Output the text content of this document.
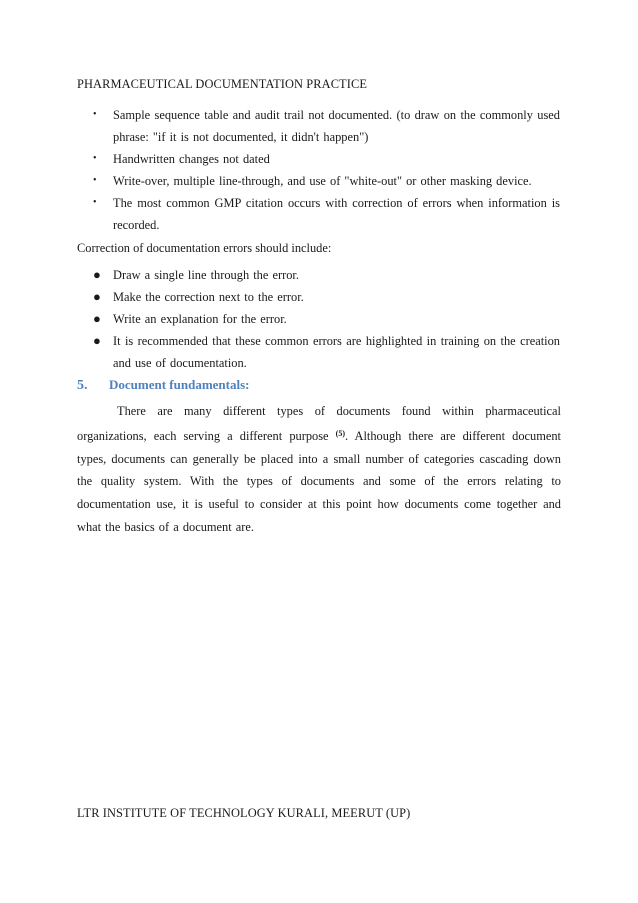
PHARMACEUTICAL DOCUMENTATION PRACTICE
• Sample sequence table and audit trail not documented. (to draw on the commonly used phrase: "if it is not documented, it didn't happen")
• Handwritten changes not dated
• Write-over, multiple line-through, and use of "white-out" or other masking device.
• The most common GMP citation occurs with correction of errors when information is recorded.
Correction of documentation errors should include:
● Draw a single line through the error.
● Make the correction next to the error.
● Write an explanation for the error.
● It is recommended that these common errors are highlighted in training on the creation and use of documentation.
5. Document fundamentals:

There are many different types of documents found within pharmaceutical organizations, each serving a different purpose $^{(5)}$. Although there are different document types, documents can generally be placed into a small number of categories cascading down the quality system. With the types of documents and some of the errors relating to documentation use, it is useful to consider at this point how documents come together and what the basics of a document are.

LTR INSTITUTE OF TECHNOLOGY KURALI, MEERUT (UP)
